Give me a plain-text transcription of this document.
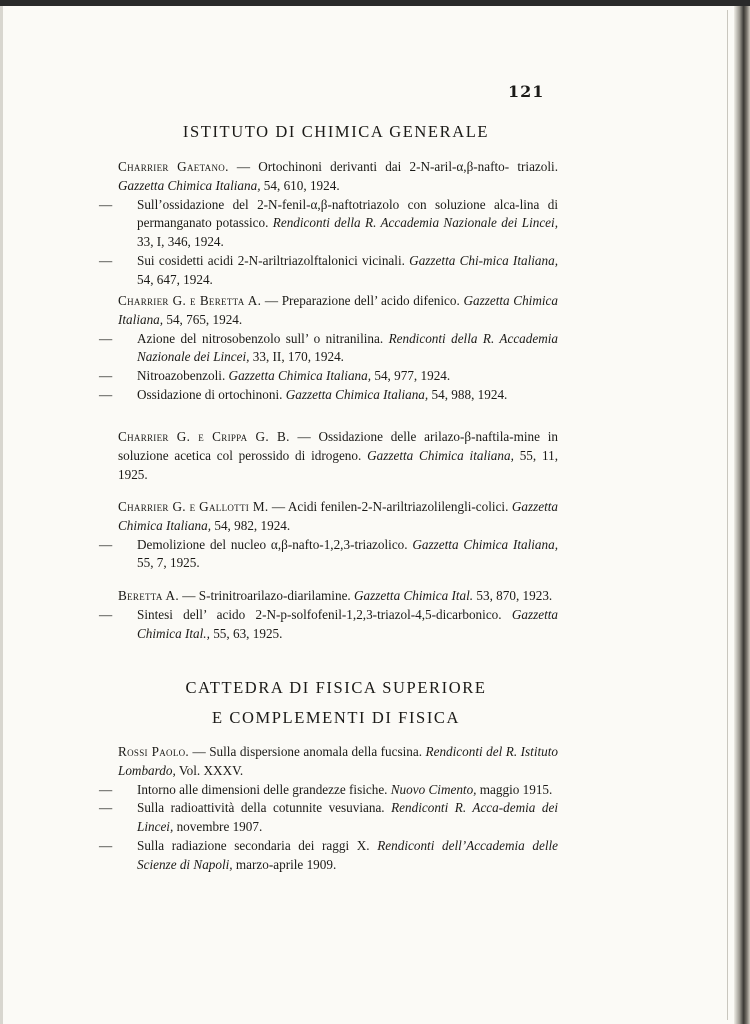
121
ISTITUTO DI CHIMICA GENERALE

Charrier Gaetano. — Ortochinoni derivanti dai 2-N-aril-α,β-nafto- triazoli. Gazzetta Chimica Italiana, 54, 610, 1924.

— Sull’ossidazione del 2-N-fenil-α,β-naftotriazolo con soluzione alca-lina di permanganato potassico. Rendiconti della R. Accademia Nazionale dei Lincei, 33, I, 346, 1924.

— Sui cosidetti acidi 2-N-ariltriazolftalonici vicinali. Gazzetta Chi-mica Italiana, 54, 647, 1924.

Charrier G. e Beretta A. — Preparazione dell’ acido difenico. Gazzetta Chimica Italiana, 54, 765, 1924.

— Azione del nitrosobenzolo sull’ o nitranilina. Rendiconti della R. Accademia Nazionale dei Lincei, 33, II, 170, 1924.

— Nitroazobenzoli. Gazzetta Chimica Italiana, 54, 977, 1924.

— Ossidazione di ortochinoni. Gazzetta Chimica Italiana, 54, 988, 1924.

Charrier G. e Crippa G. B. — Ossidazione delle arilazo-β-naftila-mine in soluzione acetica col perossido di idrogeno. Gazzetta Chimica italiana, 55, 11, 1925.

Charrier G. e Gallotti M. — Acidi fenilen-2-N-ariltriazolilengli-colici. Gazzetta Chimica Italiana, 54, 982, 1924.

— Demolizione del nucleo α,β-nafto-1,2,3-triazolico. Gazzetta Chimica Italiana, 55, 7, 1925.

Beretta A. — S-trinitroarilazo-diarilamine. Gazzetta Chimica Ital. 53, 870, 1923.

— Sintesi dell’ acido 2-N-p-solfofenil-1,2,3-triazol-4,5-dicarbonico. Gazzetta Chimica Ital., 55, 63, 1925.

CATTEDRA DI FISICA SUPERIORE
E COMPLEMENTI DI FISICA

Rossi Paolo. — Sulla dispersione anomala della fucsina. Rendiconti del R. Istituto Lombardo, Vol. XXXV.

— Intorno alle dimensioni delle grandezze fisiche. Nuovo Cimento, maggio 1915.

— Sulla radioattività della cotunnite vesuviana. Rendiconti R. Acca-demia dei Lincei, novembre 1907.

— Sulla radiazione secondaria dei raggi X. Rendiconti dell’Accademia delle Scienze di Napoli, marzo-aprile 1909.
